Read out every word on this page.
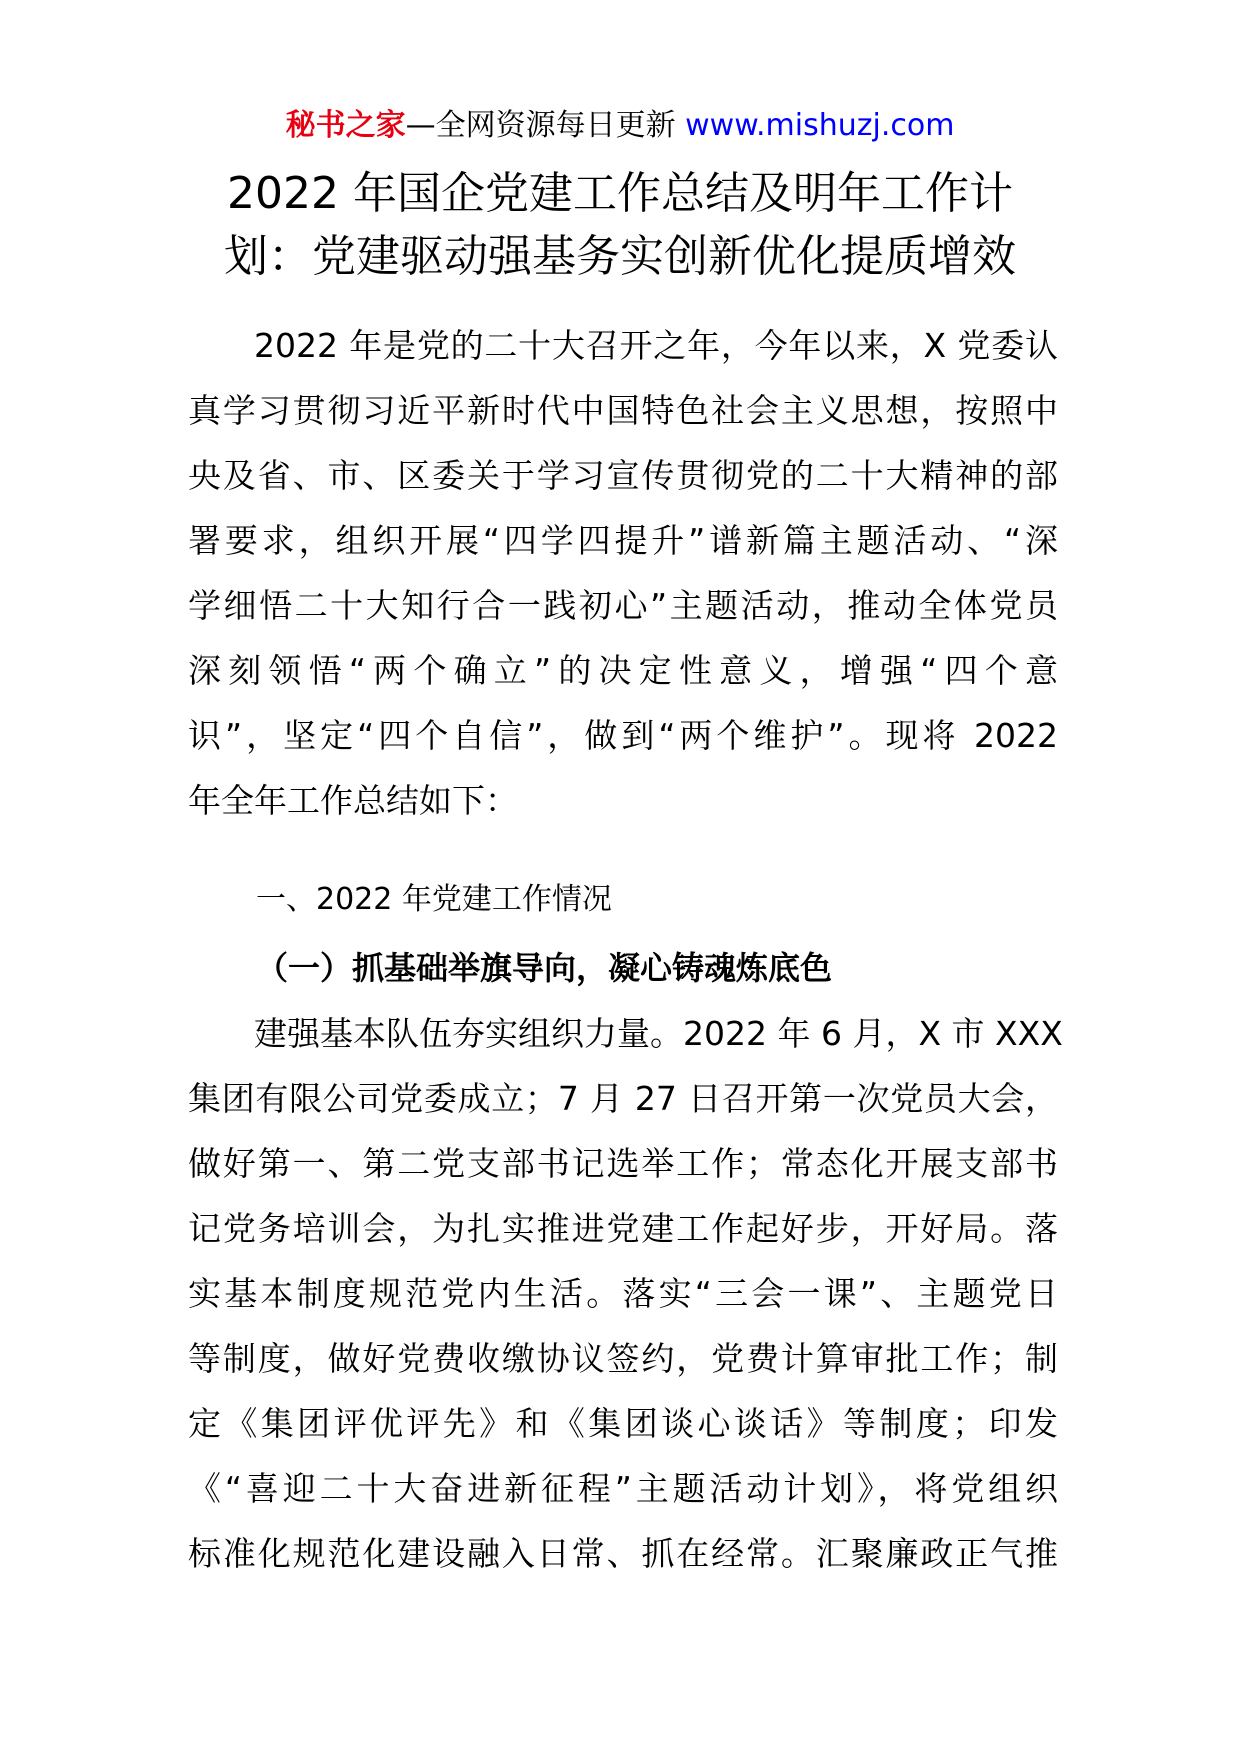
秘书之家—全网资源每日更新 www.mishuzj.com
2022 年国企党建工作总结及明年工作计
划：党建驱动强基务实创新优化提质增效
2022 年是党的二十大召开之年，今年以来，X 党委认
真学习贯彻习近平新时代中国特色社会主义思想，按照中
央及省、市、区委关于学习宣传贯彻党的二十大精神的部
署要求，组织开展“四学四提升”谱新篇主题活动、“深
学细悟二十大知行合一践初心”主题活动，推动全体党员
深刻领悟“两个确立”的决定性意义，增强“四个意
识”，坚定“四个自信”，做到“两个维护”。现将 2022
年全年工作总结如下：
一、2022 年党建工作情况
（一）抓基础举旗导向，凝心铸魂炼底色
建强基本队伍夯实组织力量。2022 年 6 月，X 市 XXX
集团有限公司党委成立；7 月 27 日召开第一次党员大会，
做好第一、第二党支部书记选举工作；常态化开展支部书
记党务培训会，为扎实推进党建工作起好步，开好局。落
实基本制度规范党内生活。落实“三会一课”、主题党日
等制度，做好党费收缴协议签约，党费计算审批工作；制
定《集团评优评先》和《集团谈心谈话》等制度；印发
《“喜迎二十大奋进新征程”主题活动计划》，将党组织
标准化规范化建设融入日常、抓在经常。汇聚廉政正气推
